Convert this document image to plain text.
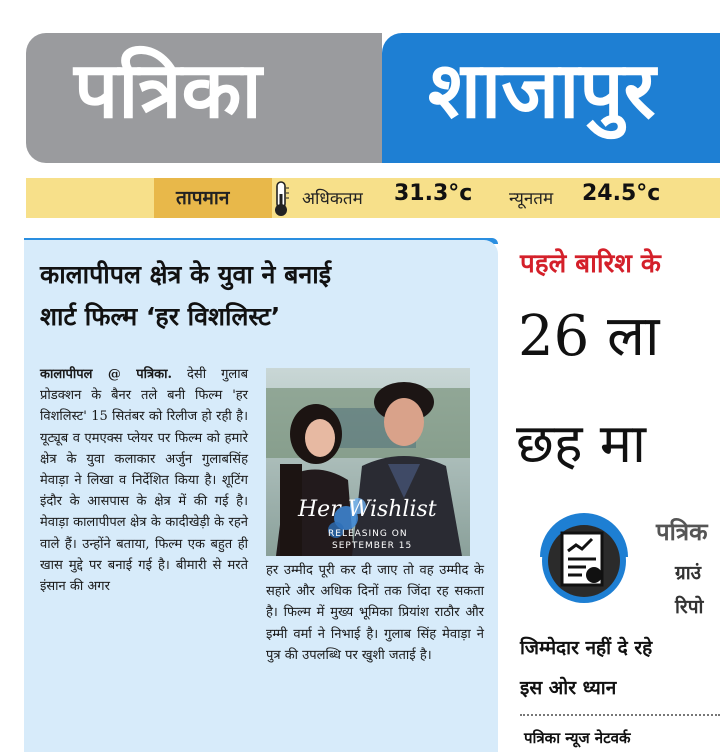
पत्रिका शाजापुर
तापमान	अधिकतम 31.3°c न्यूनतम 24.5°c
कालापीपल क्षेत्र के युवा ने बनाई
शार्ट फिल्म ‘हर विशलिस्ट’

कालापीपल @ पत्रिका. देसी गुलाब प्रोडक्शन के बैनर तले बनी फिल्म 'हर विशलिस्ट' 15 सितंबर को रिलीज हो रही है। यूट्यूब व एमएक्स प्लेयर पर फिल्म को हमारे क्षेत्र के युवा कलाकार अर्जुन गुलाबसिंह मेवाड़ा ने लिखा व निर्देशित किया है। शूटिंग इंदौर के आसपास के क्षेत्र में की गई है। मेवाड़ा कालापीपल क्षेत्र के कादीखेड़ी के रहने वाले हैं। उन्होंने बताया, फिल्म एक बहुत ही खास मुद्दे पर बनाई गई है। बीमारी से मरते इंसान की अगर

Her Wishlist
RELEASING ON
SEPTEMBER 15

हर उम्मीद पूरी कर दी जाए तो वह उम्मीद के सहारे और अधिक दिनों तक जिंदा रह सकता है। फिल्म में मुख्य भूमिका प्रियांश राठौर और इम्मी वर्मा ने निभाई है। गुलाब सिंह मेवाड़ा ने पुत्र की उपलब्धि पर खुशी जताई है।

पहले बारिश के
26 ला
छह मा
पत्रिक
ग्राउं
रिपो
जिम्मेदार नहीं दे रहे
इस ओर ध्यान
पत्रिका न्यूज नेटवर्क
